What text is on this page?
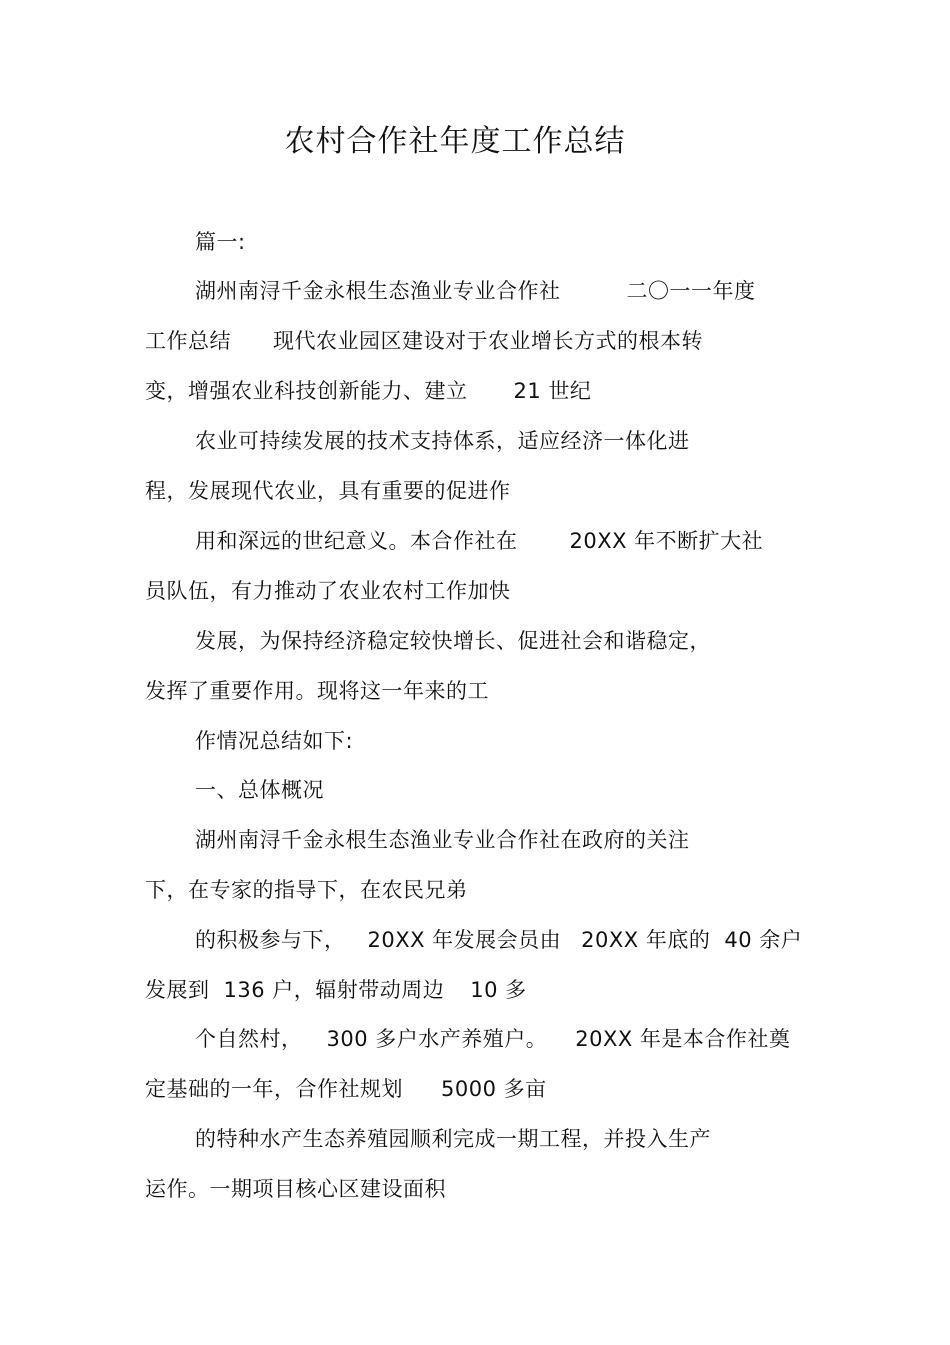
农村合作社年度工作总结
篇一:
湖州南浔千金永根生态渔业专业合作社	二〇一一年度
工作总结 现代农业园区建设对于农业增长方式的根本转
变，增强农业科技创新能力、建立 21 世纪
农业可持续发展的技术支持体系，适应经济一体化进
程，发展现代农业，具有重要的促进作
用和深远的世纪意义。本合作社在 20XX 年不断扩大社
员队伍，有力推动了农业农村工作加快
发展，为保持经济稳定较快增长、促进社会和谐稳定，
发挥了重要作用。现将这一年来的工
作情况总结如下:
一、总体概况
湖州南浔千金永根生态渔业专业合作社在政府的关注
下，在专家的指导下，在农民兄弟
的积极参与下， 20XX 年发展会员由 20XX 年底的 40 余户
发展到 136 户，辐射带动周边 10 多
个自然村， 300 多户水产养殖户。 20XX 年是本合作社奠
定基础的一年，合作社规划 5000 多亩
的特种水产生态养殖园顺利完成一期工程，并投入生产
运作。一期项目核心区建设面积
